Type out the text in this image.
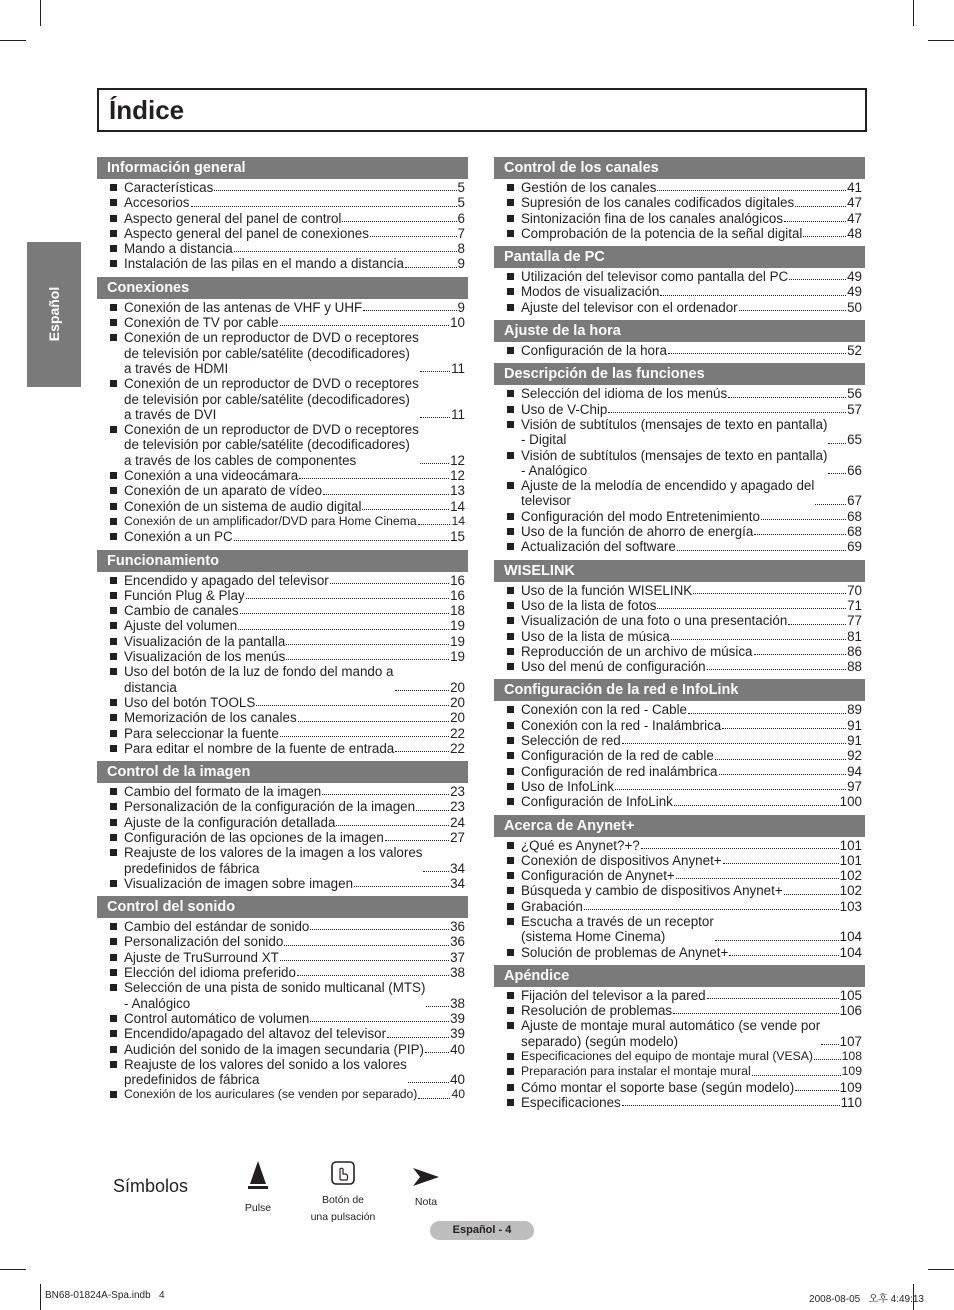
Índice
Español
Información general
Características	5
Accesorios	5
Aspecto general del panel de control	6
Aspecto general del panel de conexiones	7
Mando a distancia	8
Instalación de las pilas en el mando a distancia	9
Conexiones
Conexión de las antenas de VHF y UHF	9
Conexión de TV por cable	10
Conexión de un reproductor de DVD o receptores
de televisión por cable/satélite (decodificadores)
a través de HDMI	11
Conexión de un reproductor de DVD o receptores
de televisión por cable/satélite (decodificadores)
a través de DVI	11
Conexión de un reproductor de DVD o receptores
de televisión por cable/satélite (decodificadores)
a través de los cables de componentes	12
Conexión a una videocámara	12
Conexión de un aparato de vídeo	13
Conexión de un sistema de audio digital	14
Conexión de un amplificador/DVD para Home Cinema	14
Conexión a un PC	15
Funcionamiento
Encendido y apagado del televisor	16
Función Plug & Play	16
Cambio de canales	18
Ajuste del volumen	19
Visualización de la pantalla	19
Visualización de los menús	19
Uso del botón de la luz de fondo del mando a
distancia	20
Uso del botón TOOLS	20
Memorización de los canales	20
Para seleccionar la fuente	22
Para editar el nombre de la fuente de entrada	22
Control de la imagen
Cambio del formato de la imagen	23
Personalización de la configuración de la imagen	23
Ajuste de la configuración detallada	24
Configuración de las opciones de la imagen	27
Reajuste de los valores de la imagen a los valores
predefinidos de fábrica	34
Visualización de imagen sobre imagen	34
Control del sonido
Cambio del estándar de sonido	36
Personalización del sonido	36
Ajuste de TruSurround XT	37
Elección del idioma preferido	38
Selección de una pista de sonido multicanal (MTS)
- Analógico	38
Control automático de volumen	39
Encendido/apagado del altavoz del televisor	39
Audición del sonido de la imagen secundaria (PIP) 40
Reajuste de los valores del sonido a los valores
predefinidos de fábrica	40
Conexión de los auriculares (se venden por separado)	40
Control de los canales
Gestión de los canales	41
Supresión de los canales codificados digitales	47
Sintonización fina de los canales analógicos	47
Comprobación de la potencia de la señal digital	48
Pantalla de PC
Utilización del televisor como pantalla del PC	49
Modos de visualización	49
Ajuste del televisor con el ordenador	50
Ajuste de la hora
Configuración de la hora	52
Descripción de las funciones
Selección del idioma de los menús	56
Uso de V-Chip	57
Visión de subtítulos (mensajes de texto en pantalla)
- Digital	65
Visión de subtítulos (mensajes de texto en pantalla)
- Analógico	66
Ajuste de la melodía de encendido y apagado del
televisor	67
Configuración del modo Entretenimiento	68
Uso de la función de ahorro de energía	68
Actualización del software	69
WISELINK
Uso de la función WISELINK	70
Uso de la lista de fotos	71
Visualización de una foto o una presentación	77
Uso de la lista de música	81
Reproducción de un archivo de música	86
Uso del menú de configuración	88
Configuración de la red e InfoLink
Conexión con la red - Cable	89
Conexión con la red - Inalámbrica	91
Selección de red	91
Configuración de la red de cable	92
Configuración de red inalámbrica	94
Uso de InfoLink	97
Configuración de InfoLink	100
Acerca de Anynet+
¿Qué es Anynet?+?	101
Conexión de dispositivos Anynet+	101
Configuración de Anynet+	102
Búsqueda y cambio de dispositivos Anynet+	102
Grabación	103
Escucha a través de un receptor
(sistema Home Cinema)	104
Solución de problemas de Anynet+	104
Apéndice
Fijación del televisor a la pared	105
Resolución de problemas	106
Ajuste de montaje mural automático (se vende por
separado) (según modelo)	107
Especificaciones del equipo de montaje mural (VESA) 108
Preparación para instalar el montaje mural	109
Cómo montar el soporte base (según modelo)	109
Especificaciones	110
Símbolos
Pulse
Botón de
una pulsación
Nota
Español - 4
BN68-01824A-Spa.indb   4	2008-08-05   오후 4:49:13
